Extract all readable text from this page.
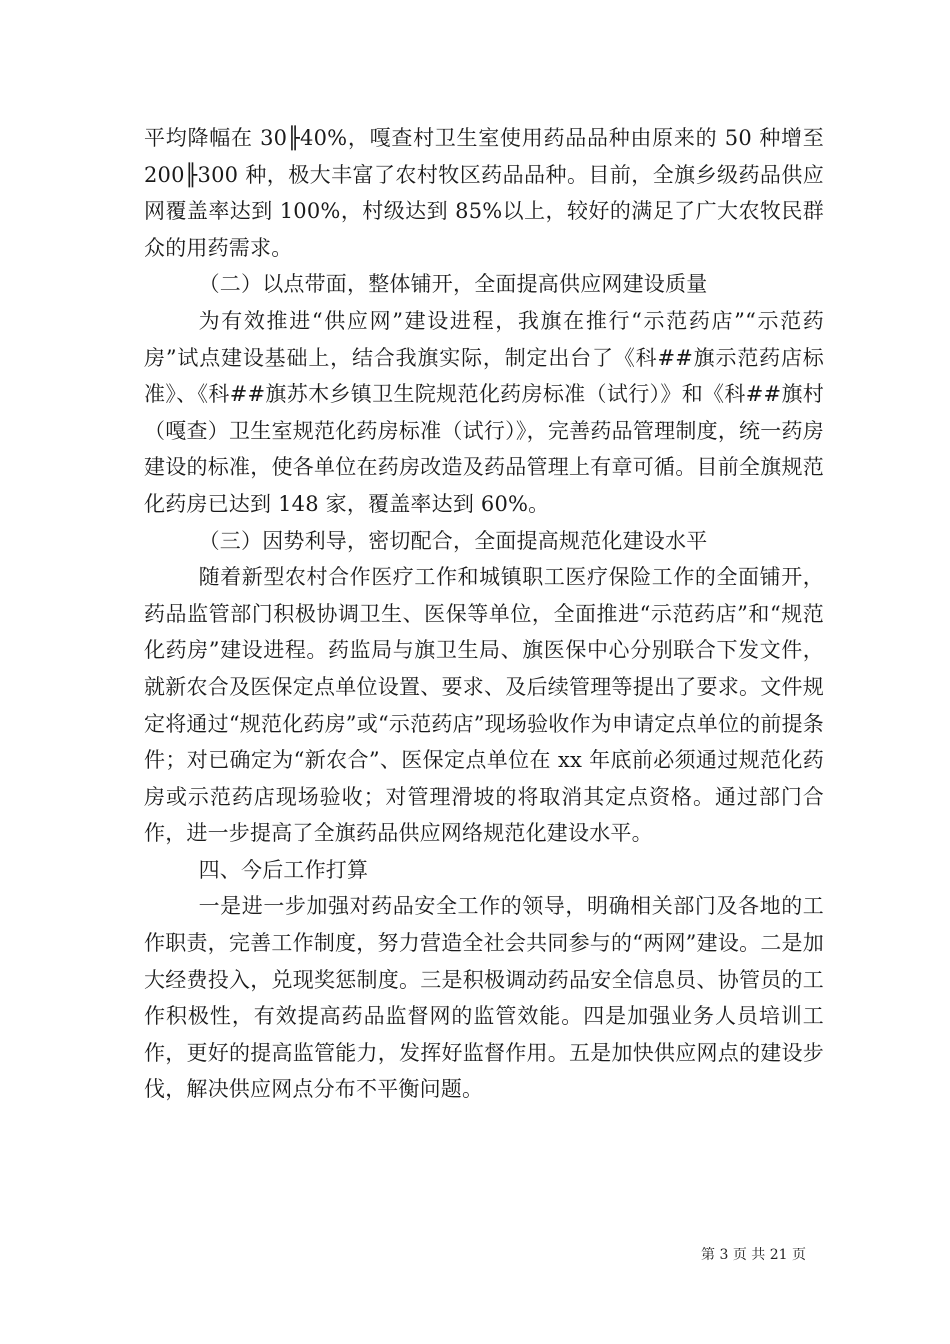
平均降幅在 30╟40%，嘎查村卫生室使用药品品种由原来的 50 种增至 200╟300 种，极大丰富了农村牧区药品品种。目前，全旗乡级药品供应网覆盖率达到 100%，村级达到 85%以上，较好的满足了广大农牧民群众的用药需求。

（二）以点带面，整体铺开，全面提高供应网建设质量

为有效推进“供应网”建设进程，我旗在推行“示范药店”“示范药房”试点建设基础上，结合我旗实际，制定出台了《科##旗示范药店标准》、《科##旗苏木乡镇卫生院规范化药房标准（试行）》和《科##旗村（嘎查）卫生室规范化药房标准（试行）》，完善药品管理制度，统一药房建设的标准，使各单位在药房改造及药品管理上有章可循。目前全旗规范化药房已达到 148 家，覆盖率达到 60%。

（三）因势利导，密切配合，全面提高规范化建设水平

随着新型农村合作医疗工作和城镇职工医疗保险工作的全面铺开，药品监管部门积极协调卫生、医保等单位，全面推进“示范药店”和“规范化药房”建设进程。药监局与旗卫生局、旗医保中心分别联合下发文件，就新农合及医保定点单位设置、要求、及后续管理等提出了要求。文件规定将通过“规范化药房”或“示范药店”现场验收作为申请定点单位的前提条件；对已确定为“新农合”、医保定点单位在 xx 年底前必须通过规范化药房或示范药店现场验收；对管理滑坡的将取消其定点资格。通过部门合作，进一步提高了全旗药品供应网络规范化建设水平。

四、今后工作打算

一是进一步加强对药品安全工作的领导，明确相关部门及各地的工作职责，完善工作制度，努力营造全社会共同参与的“两网”建设。二是加大经费投入，兑现奖惩制度。三是积极调动药品安全信息员、协管员的工作积极性，有效提高药品监督网的监管效能。四是加强业务人员培训工作，更好的提高监管能力，发挥好监督作用。五是加快供应网点的建设步伐，解决供应网点分布不平衡问题。

第 3 页 共 21 页
